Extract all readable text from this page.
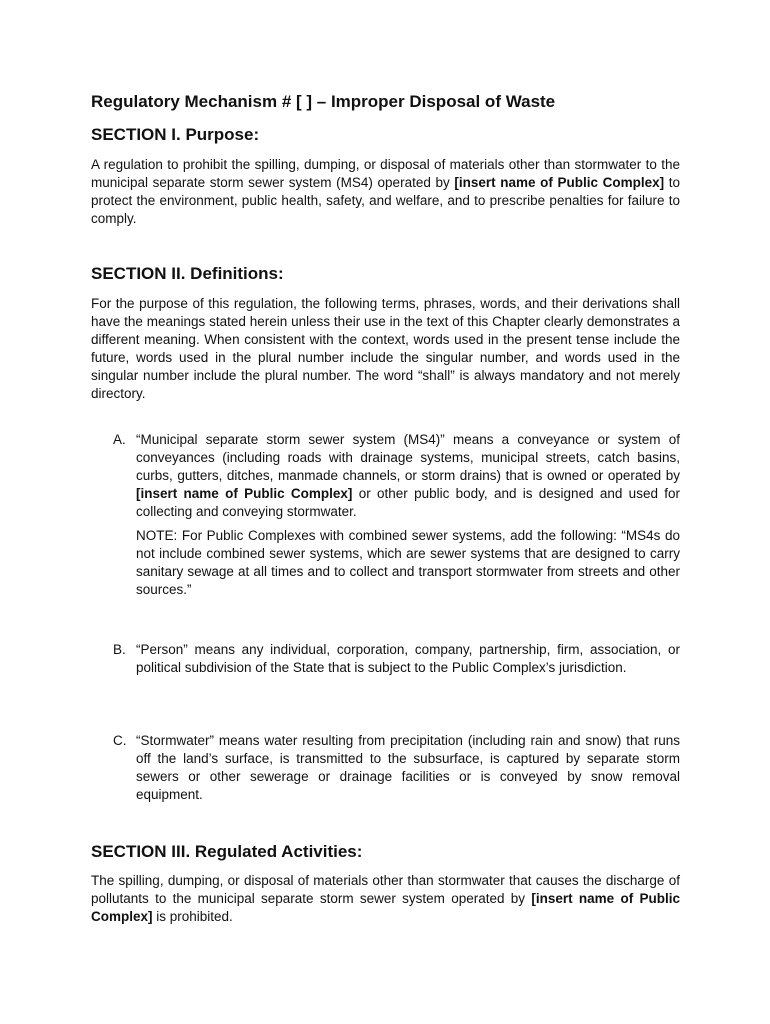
Regulatory Mechanism # [ ] – Improper Disposal of Waste
SECTION I. Purpose:

A regulation to prohibit the spilling, dumping, or disposal of materials other than stormwater to the municipal separate storm sewer system (MS4) operated by [insert name of Public Complex] to protect the environment, public health, safety, and welfare, and to prescribe penalties for failure to comply.

SECTION II. Definitions:

For the purpose of this regulation, the following terms, phrases, words, and their derivations shall have the meanings stated herein unless their use in the text of this Chapter clearly demonstrates a different meaning. When consistent with the context, words used in the present tense include the future, words used in the plural number include the singular number, and words used in the singular number include the plural number. The word “shall” is always mandatory and not merely directory.

A. “Municipal separate storm sewer system (MS4)” means a conveyance or system of conveyances (including roads with drainage systems, municipal streets, catch basins, curbs, gutters, ditches, manmade channels, or storm drains) that is owned or operated by [insert name of Public Complex] or other public body, and is designed and used for collecting and conveying stormwater.
NOTE: For Public Complexes with combined sewer systems, add the following: “MS4s do not include combined sewer systems, which are sewer systems that are designed to carry sanitary sewage at all times and to collect and transport stormwater from streets and other sources.”
B. “Person” means any individual, corporation, company, partnership, firm, association, or political subdivision of the State that is subject to the Public Complex’s jurisdiction.
C. “Stormwater” means water resulting from precipitation (including rain and snow) that runs off the land’s surface, is transmitted to the subsurface, is captured by separate storm sewers or other sewerage or drainage facilities or is conveyed by snow removal equipment.
SECTION III. Regulated Activities:

The spilling, dumping, or disposal of materials other than stormwater that causes the discharge of pollutants to the municipal separate storm sewer system operated by [insert name of Public Complex] is prohibited.
